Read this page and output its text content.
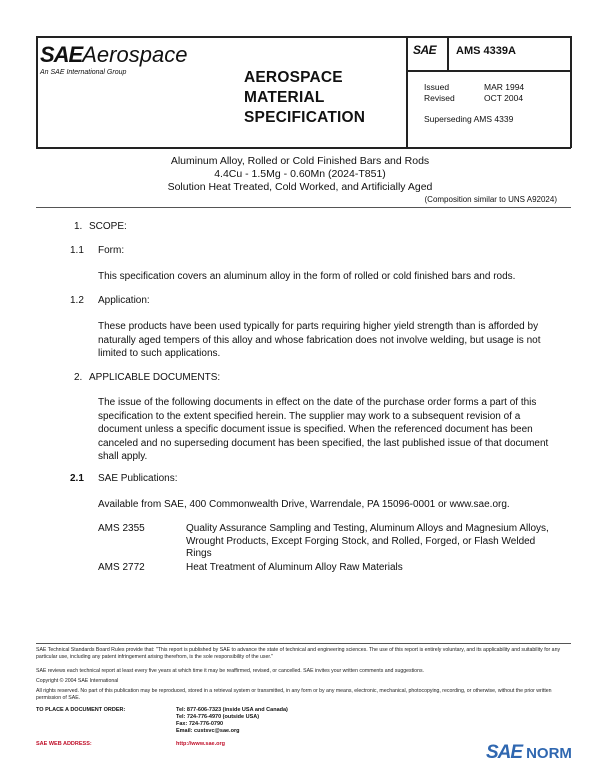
SAEAerospace
An SAE International Group	AEROSPACE
MATERIAL
SPECIFICATION
SAE AMS 4339A
Issued	MAR 1994
Revised	OCT 2004
Superseding AMS 4339
Aluminum Alloy, Rolled or Cold Finished Bars and Rods
4.4Cu - 1.5Mg - 0.60Mn (2024-T851)
Solution Heat Treated, Cold Worked, and Artificially Aged
(Composition similar to UNS A92024)
1. SCOPE:
1.1 Form:
This specification covers an aluminum alloy in the form of rolled or cold finished bars and rods.
1.2 Application:
These products have been used typically for parts requiring higher yield strength than is afforded by naturally aged tempers of this alloy and whose fabrication does not involve welding, but usage is not limited to such applications.
2. APPLICABLE DOCUMENTS:
The issue of the following documents in effect on the date of the purchase order forms a part of this specification to the extent specified herein. The supplier may work to a subsequent revision of a document unless a specific document issue is specified. When the referenced document has been canceled and no superseding document has been specified, the last published issue of that document shall apply.
2.1 SAE Publications:
Available from SAE, 400 Commonwealth Drive, Warrendale, PA 15096-0001 or www.sae.org.
AMS 2355	Quality Assurance Sampling and Testing, Aluminum Alloys and Magnesium Alloys, Wrought Products, Except Forging Stock, and Rolled, Forged, or Flash Welded Rings
AMS 2772	Heat Treatment of Aluminum Alloy Raw Materials
SAE Technical Standards Board Rules provide that: "This report is published by SAE to advance the state of technical and engineering sciences. The use of this report is entirely voluntary, and its applicability and suitability for any particular use, including any patent infringement arising therefrom, is the sole responsibility of the user."
SAE reviews each technical report at least every five years at which time it may be reaffirmed, revised, or cancelled. SAE invites your written comments and suggestions.
Copyright © 2004 SAE International
All rights reserved. No part of this publication may be reproduced, stored in a retrieval system or transmitted, in any form or by any means, electronic, mechanical, photocopying, recording, or otherwise, without the prior written permission of SAE.
TO PLACE A DOCUMENT ORDER:	Tel: 877-606-7323 (inside USA and Canada)
Tel: 724-776-4970 (outside USA)
Fax: 724-776-0790
Email: custsvc@sae.org
SAE WEB ADDRESS:	http://www.sae.org	SAE NORM
